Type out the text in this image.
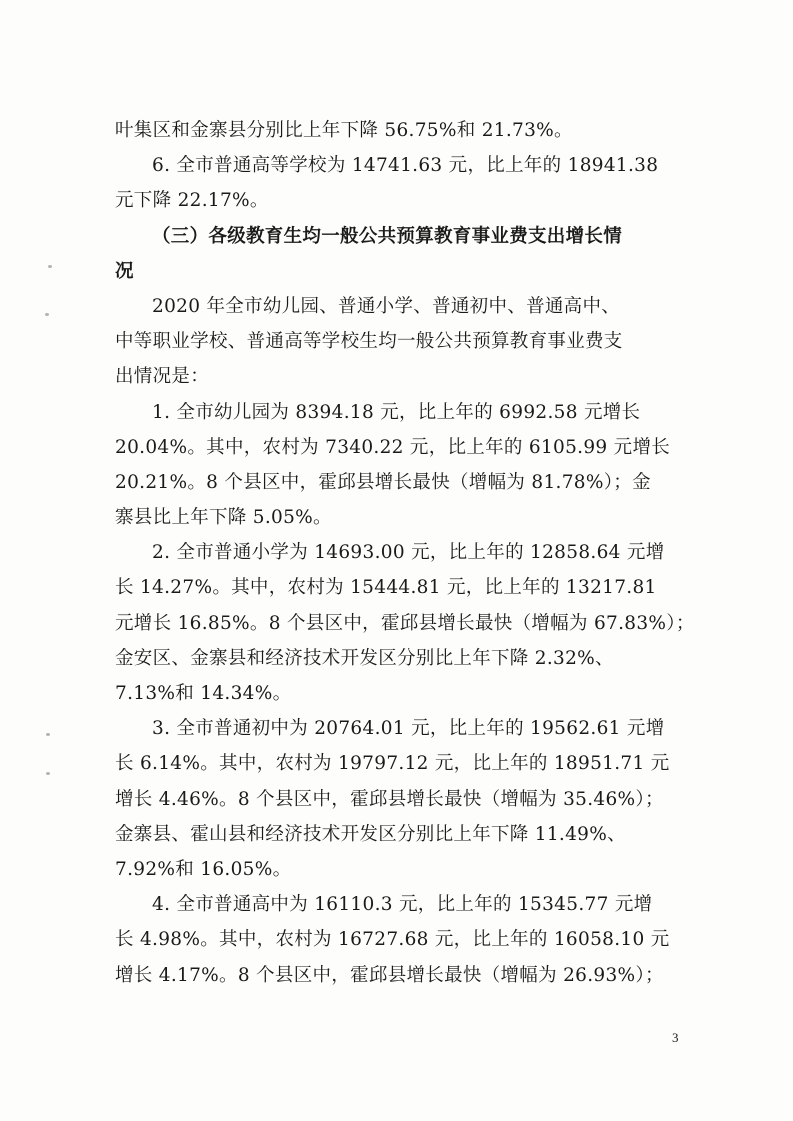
叶集区和金寨县分别比上年下降 56.75%和 21.73%。
6. 全市普通高等学校为 14741.63 元，比上年的 18941.38
元下降 22.17%。
（三）各级教育生均一般公共预算教育事业费支出增长情
况
2020 年全市幼儿园、普通小学、普通初中、普通高中、
中等职业学校、普通高等学校生均一般公共预算教育事业费支
出情况是：
1. 全市幼儿园为 8394.18 元，比上年的 6992.58 元增长
20.04%。其中，农村为 7340.22 元，比上年的 6105.99 元增长
20.21%。8 个县区中，霍邱县增长最快（增幅为 81.78%）；金
寨县比上年下降 5.05%。
2. 全市普通小学为 14693.00 元，比上年的 12858.64 元增
长 14.27%。其中，农村为 15444.81 元，比上年的 13217.81
元增长 16.85%。8 个县区中，霍邱县增长最快（增幅为 67.83%）；
金安区、金寨县和经济技术开发区分别比上年下降 2.32%、
7.13%和 14.34%。
3. 全市普通初中为 20764.01 元，比上年的 19562.61 元增
长 6.14%。其中，农村为 19797.12 元，比上年的 18951.71 元
增长 4.46%。8 个县区中，霍邱县增长最快（增幅为 35.46%）；
金寨县、霍山县和经济技术开发区分别比上年下降 11.49%、
7.92%和 16.05%。
4. 全市普通高中为 16110.3 元，比上年的 15345.77 元增
长 4.98%。其中，农村为 16727.68 元，比上年的 16058.10 元
增长 4.17%。8 个县区中，霍邱县增长最快（增幅为 26.93%）；
3
